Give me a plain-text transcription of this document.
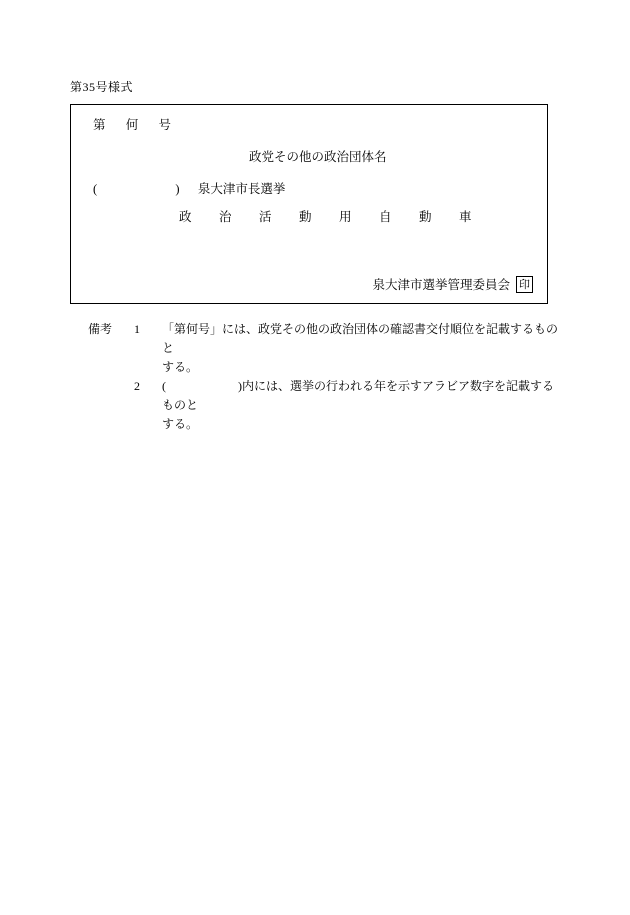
第35号様式
第 何 号
政党その他の政治団体名
(	) 泉大津市長選挙
政 治 活 動 用 自 動 車
泉大津市選挙管理委員会 印
備考	1	「第何号」には、政党その他の政治団体の確認書交付順位を記載するものと
する。
2	(　　　　　　)内には、選挙の行われる年を示すアラビア数字を記載するものと
する。
